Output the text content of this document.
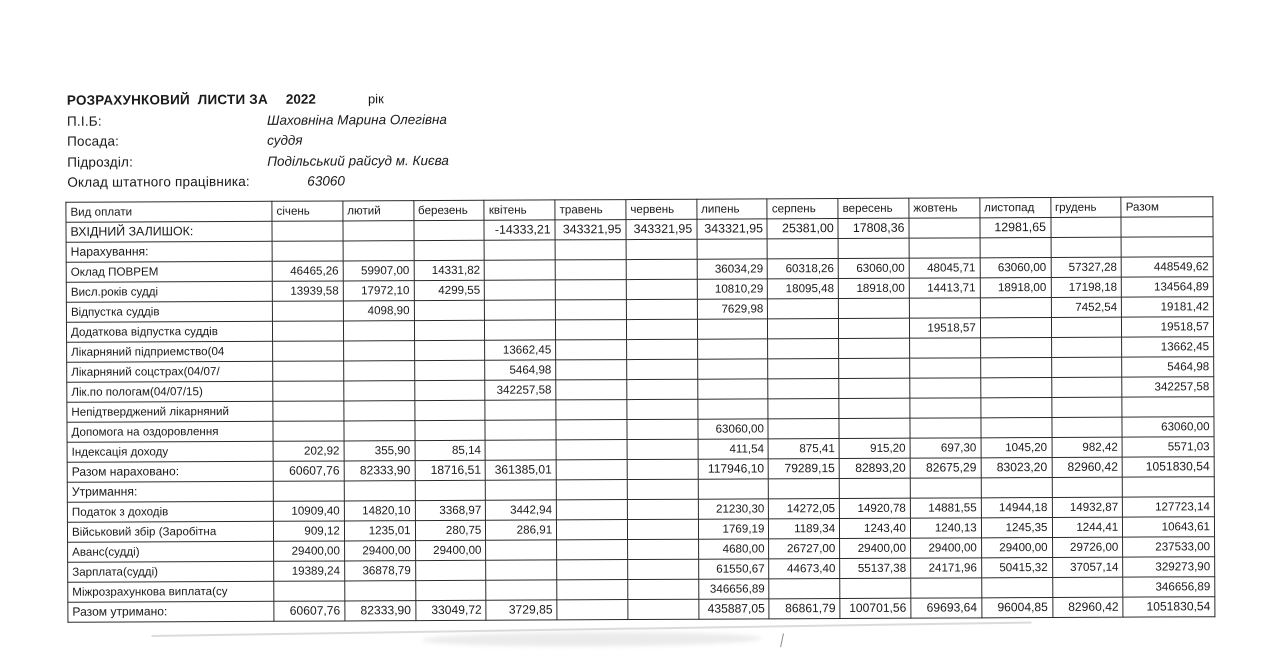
РОЗРАХУНКОВИЙ  ЛИСТИ ЗА 2022	рік
П.І.Б:	Шаховніна Марина Олегівна
Посада:	суддя
Підрозділ:	Подільський райсуд м. Києва
Оклад штатного працівника:	63060
Вид оплати	січень	лютий	березень	квітень	травень	червень	липень	серпень	вересень	жовтень	листопад	грудень	Разом
ВХІДНИЙ ЗАЛИШОК:				-14333,21	343321,95	343321,95	343321,95	25381,00	17808,36		12981,65		
Нарахування:													
Оклад ПОВРЕМ	46465,26	59907,00	14331,82				36034,29	60318,26	63060,00	48045,71	63060,00	57327,28	448549,62
Висл.років судді	13939,58	17972,10	4299,55				10810,29	18095,48	18918,00	14413,71	18918,00	17198,18	134564,89
Відпустка суддів		4098,90					7629,98					7452,54	19181,42
Додаткова відпустка суддів										19518,57			19518,57
Лікарняний підприемство(04				13662,45									13662,45
Лікарняний соцстрах(04/07/				5464,98									5464,98
Лік.по пологам(04/07/15)				342257,58									342257,58
Непідтверджений лікарняний													
Допомога на оздоровлення							63060,00						63060,00
Індексація доходу	202,92	355,90	85,14				411,54	875,41	915,20	697,30	1045,20	982,42	5571,03
Разом нараховано:	60607,76	82333,90	18716,51	361385,01			117946,10	79289,15	82893,20	82675,29	83023,20	82960,42	1051830,54
Утримання:													
Податок з доходів	10909,40	14820,10	3368,97	3442,94			21230,30	14272,05	14920,78	14881,55	14944,18	14932,87	127723,14
Військовий збір (Заробітна	909,12	1235,01	280,75	286,91			1769,19	1189,34	1243,40	1240,13	1245,35	1244,41	10643,61
Аванс(судді)	29400,00	29400,00	29400,00				4680,00	26727,00	29400,00	29400,00	29400,00	29726,00	237533,00
Зарплата(судді)	19389,24	36878,79					61550,67	44673,40	55137,38	24171,96	50415,32	37057,14	329273,90
Міжрозрахункова виплата(су							346656,89						346656,89
Разом утримано:	60607,76	82333,90	33049,72	3729,85			435887,05	86861,79	100701,56	69693,64	96004,85	82960,42	1051830,54
